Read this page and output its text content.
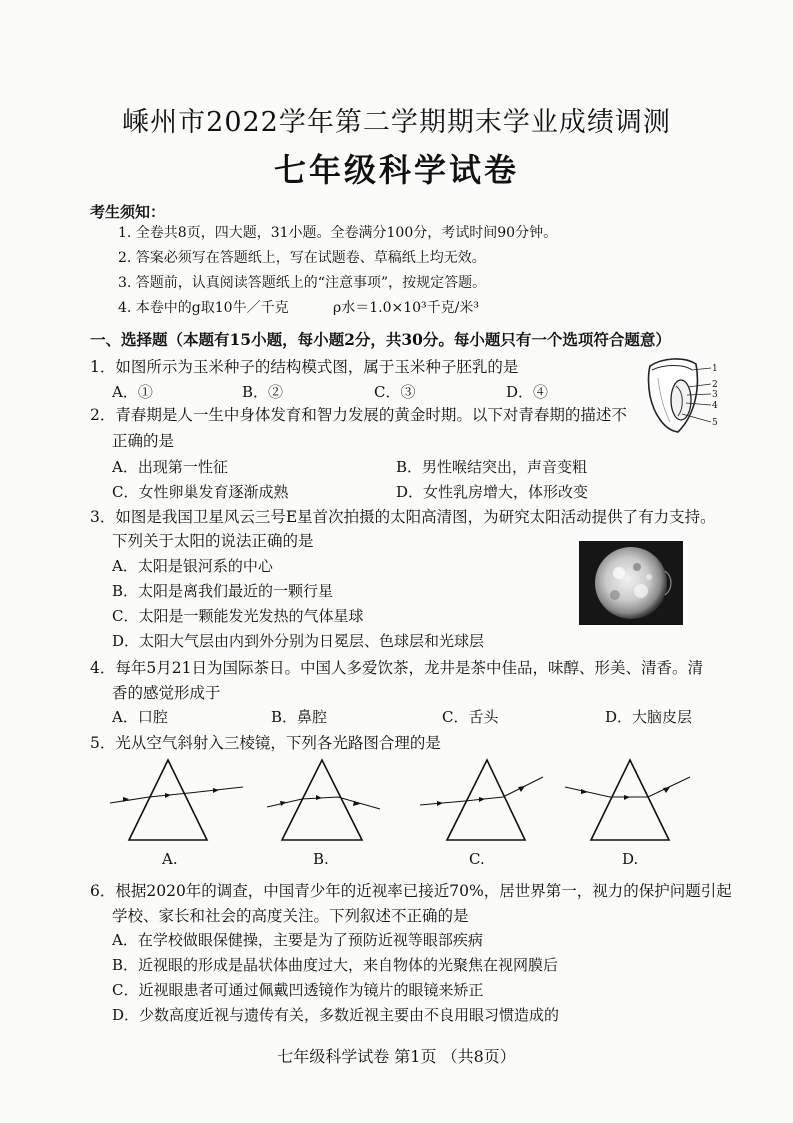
嵊州市2022学年第二学期期末学业成绩调测
七年级科学试卷
考生须知：
1. 全卷共8页，四大题，31小题。全卷满分100分，考试时间90分钟。
2. 答案必须写在答题纸上，写在试题卷、草稿纸上均无效。
3. 答题前，认真阅读答题纸上的“注意事项”，按规定答题。
4. 本卷中的g取10牛／千克	ρ水＝1.0×10³千克/米³
一、选择题（本题有15小题，每小题2分，共30分。每小题只有一个选项符合题意）
1．如图所示为玉米种子的结构模式图，属于玉米种子胚乳的是
A．①	B．②	C．③	D．④
1
2
3
4
5
2．青春期是人一生中身体发育和智力发展的黄金时期。以下对青春期的描述不
正确的是
A．出现第一性征	B．男性喉结突出，声音变粗
C．女性卵巢发育逐渐成熟	D．女性乳房增大，体形改变
3．如图是我国卫星风云三号E星首次拍摄的太阳高清图，为研究太阳活动提供了有力支持。
下列关于太阳的说法正确的是
A．太阳是银河系的中心
B．太阳是离我们最近的一颗行星
C．太阳是一颗能发光发热的气体星球
D．太阳大气层由内到外分别为日冕层、色球层和光球层
4．每年5月21日为国际茶日。中国人多爱饮茶，龙井是茶中佳品，味醇、形美、清香。清
香的感觉形成于
A．口腔	B．鼻腔	C．舌头	D．大脑皮层
5．光从空气斜射入三棱镜，下列各光路图合理的是
A.	B.	C.	D.
6．根据2020年的调查，中国青少年的近视率已接近70%，居世界第一，视力的保护问题引起
学校、家长和社会的高度关注。下列叙述不正确的是
A．在学校做眼保健操，主要是为了预防近视等眼部疾病
B．近视眼的形成是晶状体曲度过大，来自物体的光聚焦在视网膜后
C．近视眼患者可通过佩戴凹透镜作为镜片的眼镜来矫正
D．少数高度近视与遗传有关，多数近视主要由不良用眼习惯造成的
七年级科学试卷 第1页 （共8页）
